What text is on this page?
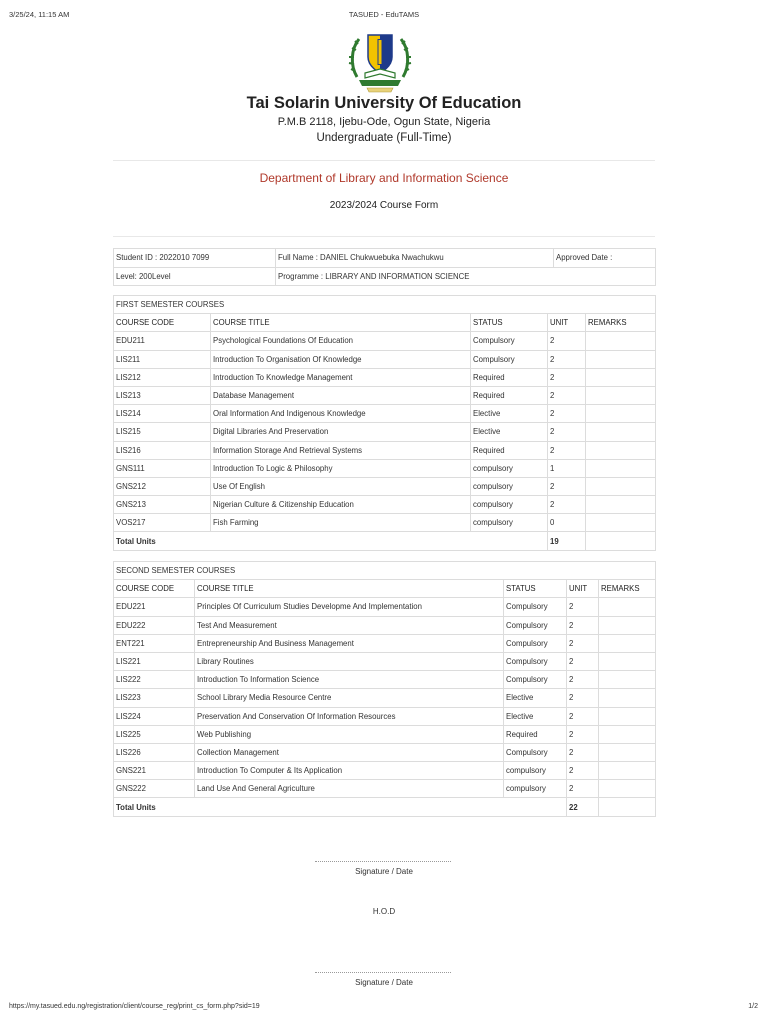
3/25/24, 11:15 AM	TASUED - EduTAMS
Tai Solarin University Of Education
P.M.B 2118, Ijebu-Ode, Ogun State, Nigeria
Undergraduate (Full-Time)
Department of Library and Information Science
2023/2024 Course Form
Student ID : 2022010 7099	Full Name : DANIEL Chukwuebuka Nwachukwu	Approved Date :
Level: 200Level	Programme : LIBRARY AND INFORMATION SCIENCE	
FIRST SEMESTER COURSES				
COURSE CODE	COURSE TITLE	STATUS	UNIT	REMARKS
EDU211	Psychological Foundations Of Education	Compulsory	2	
LIS211	Introduction To Organisation Of Knowledge	Compulsory	2	
LIS212	Introduction To Knowledge Management	Required	2	
LIS213	Database Management	Required	2	
LIS214	Oral Information And Indigenous Knowledge	Elective	2	
LIS215	Digital Libraries And Preservation	Elective	2	
LIS216	Information Storage And Retrieval Systems	Required	2	
GNS111	Introduction To Logic & Philosophy	compulsory	1	
GNS212	Use Of English	compulsory	2	
GNS213	Nigerian Culture & Citizenship Education	compulsory	2	
VOS217	Fish Farming	compulsory	0	
Total Units			19	
SECOND SEMESTER COURSES				
COURSE CODE	COURSE TITLE	STATUS	UNIT	REMARKS
EDU221	Principles Of Curriculum Studies Developme And Implementation	Compulsory	2	
EDU222	Test And Measurement	Compulsory	2	
ENT221	Entrepreneurship And Business Management	Compulsory	2	
LIS221	Library Routines	Compulsory	2	
LIS222	Introduction To Information Science	Compulsory	2	
LIS223	School Library Media Resource Centre	Elective	2	
LIS224	Preservation And Conservation Of Information Resources	Elective	2	
LIS225	Web Publishing	Required	2	
LIS226	Collection Management	Compulsory	2	
GNS221	Introduction To Computer & Its Application	compulsory	2	
GNS222	Land Use And General Agriculture	compulsory	2	
Total Units			22	
Signature / Date
H.O.D
Signature / Date
https://my.tasued.edu.ng/registration/client/course_reg/print_cs_form.php?sid=19	1/2
